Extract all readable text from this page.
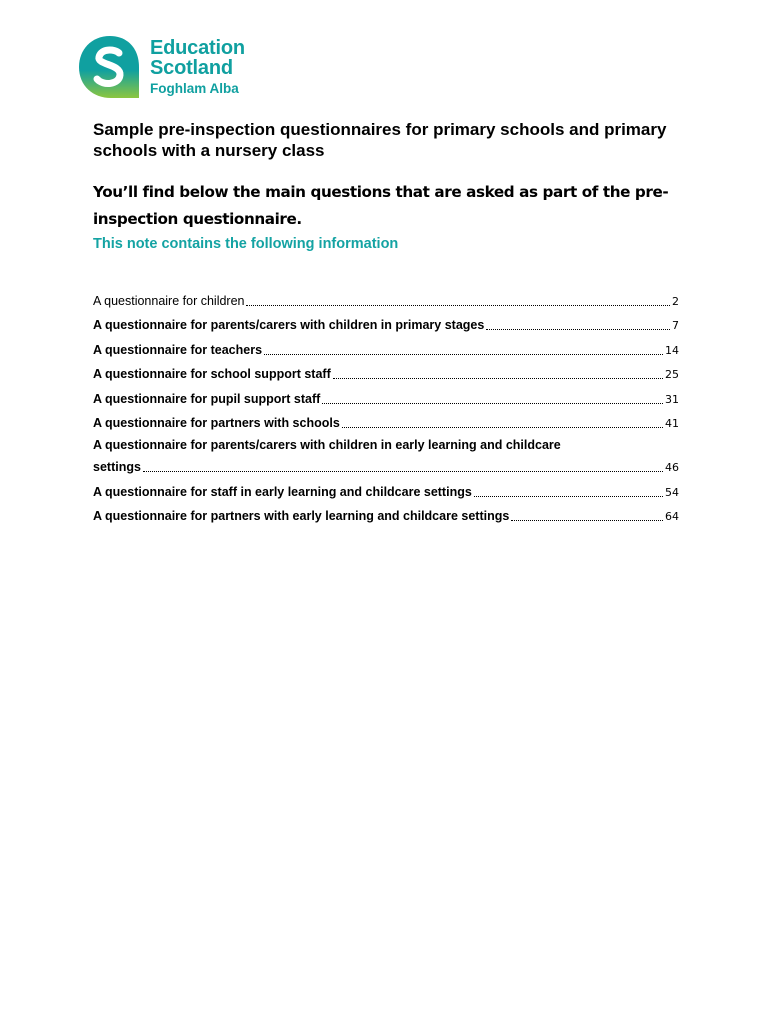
Education
Scotland
Foghlam Alba
Sample pre-inspection questionnaires for primary schools and primary schools with a nursery class

You’ll find below the main questions that are asked as part of the pre-inspection questionnaire.

This note contains the following information
A questionnaire for children	2
A questionnaire for parents/carers with children in primary stages	7
A questionnaire for teachers	14
A questionnaire for school support staff	25
A questionnaire for pupil support staff	31
A questionnaire for partners with schools	41
A questionnaire for parents/carers with children in early learning and childcare
settings	46
A questionnaire for staff in early learning and childcare settings	54
A questionnaire for partners with early learning and childcare settings	64
